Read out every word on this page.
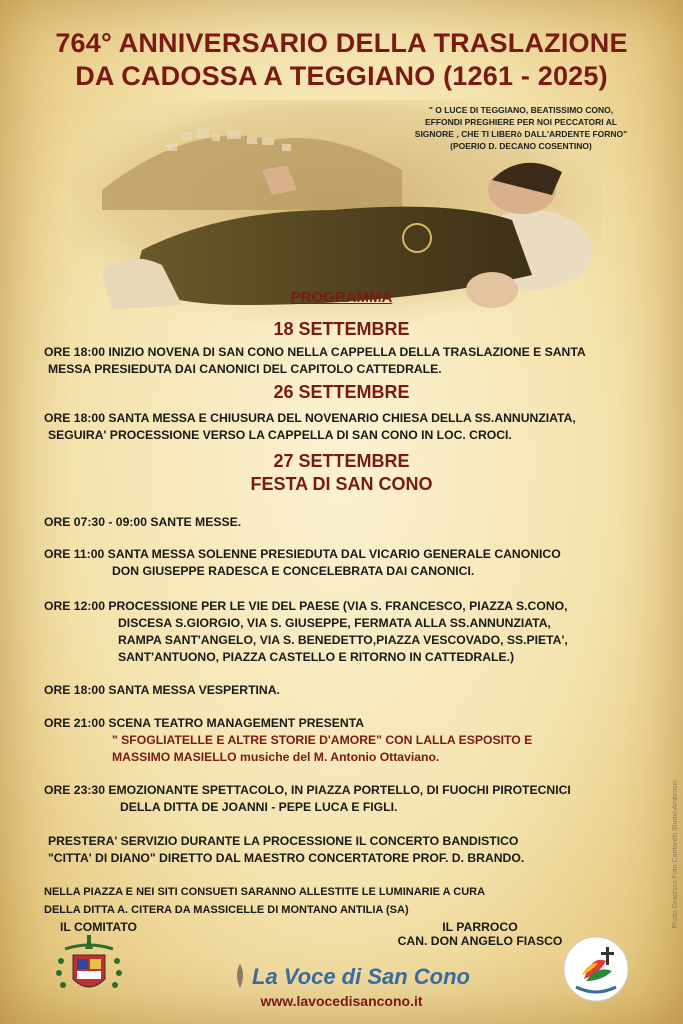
764° ANNIVERSARIO DELLA TRASLAZIONE
DA CADOSSA A TEGGIANO (1261 - 2025)
" O LUCE DI TEGGIANO, BEATISSIMO CONO,
EFFONDI PREGHIERE PER NOI PECCATORI AL
SIGNORE , CHE TI LIBERò DALL'ARDENTE FORNO"
(POERIO D. DECANO COSENTINO)
PROGRAMMA
18 SETTEMBRE
ORE 18:00 INIZIO NOVENA DI SAN CONO NELLA CAPPELLA DELLA TRASLAZIONE E SANTA
MESSA PRESIEDUTA DAI CANONICI DEL CAPITOLO CATTEDRALE.
26 SETTEMBRE
ORE 18:00 SANTA MESSA E CHIUSURA DEL NOVENARIO CHIESA DELLA SS.ANNUNZIATA,
SEGUIRA' PROCESSIONE VERSO LA CAPPELLA DI SAN CONO IN LOC. CROCI.
27 SETTEMBRE
FESTA DI SAN CONO
ORE 07:30 - 09:00 SANTE MESSE.
ORE 11:00 SANTA MESSA SOLENNE PRESIEDUTA DAL VICARIO GENERALE CANONICO
DON GIUSEPPE RADESCA E CONCELEBRATA DAI CANONICI.
ORE 12:00 PROCESSIONE PER LE VIE DEL PAESE (VIA S. FRANCESCO, PIAZZA S.CONO,
DISCESA S.GIORGIO, VIA S. GIUSEPPE, FERMATA ALLA SS.ANNUNZIATA,
RAMPA SANT'ANGELO, VIA S. BENEDETTO,PIAZZA VESCOVADO, SS.PIETA',
SANT'ANTUONO, PIAZZA CASTELLO E RITORNO IN CATTEDRALE.)
ORE 18:00 SANTA MESSA VESPERTINA.
ORE 21:00 SCENA TEATRO MANAGEMENT PRESENTA
" SFOGLIATELLE E ALTRE STORIE D'AMORE" CON LALLA ESPOSITO E
MASSIMO MASIELLO musiche del M. Antonio Ottaviano.
ORE 23:30 EMOZIONANTE SPETTACOLO, IN PIAZZA PORTELLO, DI FUOCHI PIROTECNICI
DELLA DITTA DE JOANNI - PEPE LUCA E FIGLI.
PRESTERA' SERVIZIO DURANTE LA PROCESSIONE IL CONCERTO BANDISTICO
"CITTA' DI DIANO" DIRETTO DAL MAESTRO CONCERTATORE PROF. D. BRANDO.
NELLA PIAZZA E NEI SITI CONSUETI SARANNO ALLESTITE LE LUMINARIE A CURA
DELLA DITTA A. CITERA DA MASSICELLE DI MONTANO ANTILIA (SA)
IL COMITATO	IL PARROCO
CAN. DON ANGELO FIASCO
La Voce di San Cono
www.lavocedisancono.it
Photo Graphics Foto Cantarelli Studio Ambrosio
